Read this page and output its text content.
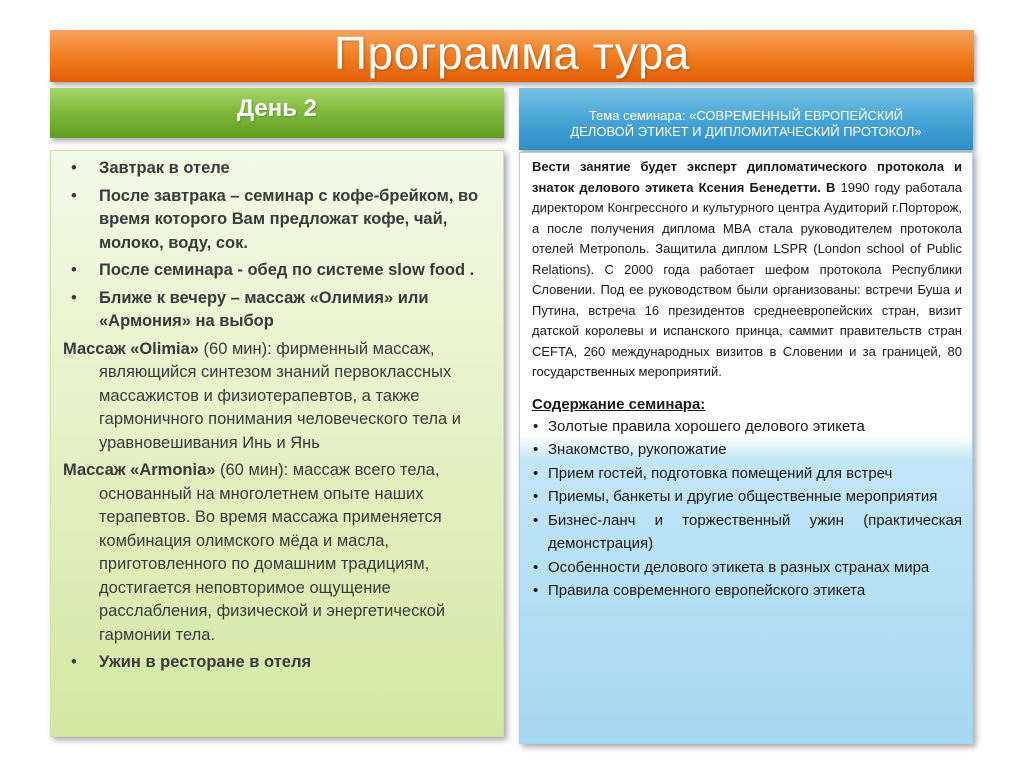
Программа тура
День 2	Тема семинара: «СОВРЕМЕННЫЙ ЕВРОПЕЙСКИЙ
ДЕЛОВОЙ ЭТИКЕТ И ДИПЛОМИТАЧЕСКИЙ ПРОТОКОЛ»
•	Завтрак в отеле
•	После завтрака – семинар с кофе-брейком, во время которого Вам предложат кофе, чай, молоко, воду, сок.
•	После семинара - обед по системе slow food .
•	Ближе к вечеру – массаж «Олимия» или «Армония» на выбор
Массаж «Olimia» (60 мин): фирменный массаж, являющийся синтезом знаний первоклассных массажистов и физиотерапевтов, а также гармоничного понимания человеческого тела и уравновешивания Инь и Янь
Массаж «Armonia» (60 мин): массаж всего тела, основанный на многолетнем опыте наших терапевтов. Во время массажа применяется комбинация олимского мёда и масла, приготовленного по домашним традициям, достигается неповторимое ощущение расслабления, физической и энергетической гармонии тела.
•	Ужин в ресторане в отеля
Вести занятие будет эксперт дипломатического протокола и знаток делового этикета Ксения Бенедетти. В 1990 году работала директором Конгрессного и культурного центра Аудиторий г.Порторож, а после получения диплома MBA стала руководителем протокола отелей Метрополь. Защитила диплом LSPR (London school of Public Relations). С 2000 года работает шефом протокола Республики Словении. Под ее руководством были организованы: встречи Буша и Путина, встреча 16 президентов среднеевропейских стран, визит датской королевы и испанского принца, саммит правительств стран CEFTA, 260 международных визитов в Словении и за границей, 80 государственных мероприятий.
Содержание семинара:
• Золотые правила хорошего делового этикета
• Знакомство, рукопожатие
• Прием гостей, подготовка помещений для встреч
• Приемы, банкеты и другие общественные мероприятия
• Бизнес-ланч и торжественный ужин (практическая демонстрация)
• Особенности делового этикета в разных странах мира
• Правила современного европейского этикета
